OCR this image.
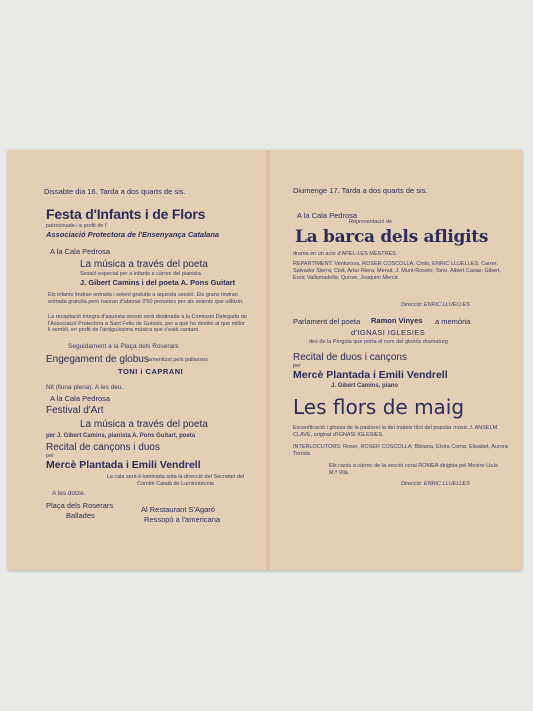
Dissabte dia 16. Tarda a dos quarts de sis.
Festa d'Infants i de Flors
patrocinada i a profit de l'
Associació Protectora de l'Ensenyança Catalana
A la Cala Pedrosa
La música a través del poeta
Sessió especial per a infants a càrrec del pianista
J. Gibert Camins i del poeta A. Pons Guitart
Els infants tindran entrada i seient gratuïts a aquesta sessió. Els grans tindran entrada gratuïta però hauran d'abonar 0'50 pessetes per als seients que utilitzin.
La recaptació íntegra d'aquesta sessió serà destinada a la Comissió Delegada de l'Associació Protectora a Sant Feliu de Guíxols, per a què ho destini al que millor li sembli, en profit de l'antiguíssima música que s'està cantant.
Seguidament a la Plaça dels Roserars
Engegament de globus amenitzat pels pallassos
TONI i CAPRANI
Nit (lluna plena). A les deu.
A la Cala Pedrosa
Festival d'Art
La música a través del poeta
per J. Gibert Camins, pianista A. Pons Guitart, poeta
Recital de cançons i duos
per
Mercè Plantada i Emili Vendrell
La cala serà il·luminada sota la direcció del Secretari del Comitè Català de Luminotècnia
A les dotze.
Plaça dels Roserars
Ballades
Al Restaurant S'Agaró
Ressopó a l'americana
Diumenge 17. Tarda a dos quarts de sis.
A la Cala Pedrosa
Representació de
La barca dels afligits
drama en un acte d'APEL·LES MESTRES.
REPARTIMENT: Venturosa, ROSER COSCOLLA; Cinto, ENRIC LLUELLES; Carrer, Salvador Sierra; Cisit, Artur Riera; Menut, J. Munt-Roselo; Tono, Albert Casas; Gibert, Enric Vallsmadella; Quirze, Joaquim Mercè.
Direcció: ENRIC LLUELLES
Parlament del poeta Ramon Vinyes a memòria
d'IGNASI IGLESIES
des de la Pèrgola que porta el nom del gloriós dramaturg
Recital de duos i cançons
per
Mercè Plantada i Emili Vendrell
J. Gibert Camins, piano
Les flors de maig
Escenificació i glossa de la pastorel·la del mateix títol del popular músic J. ANSELM CLAVÉ, original d'IGNASI IGLESIES.
INTERLOCUTORS: Roser, ROSER COSCOLLA; Bibiana, Elvira Coma; Elisabet, Aurora Torrida.
Els cants a càrrec de la secció coral ROMEA dirigida pel Mestre Lluís M.ª Vilà.
Direcció: ENRIC LLUELLES
